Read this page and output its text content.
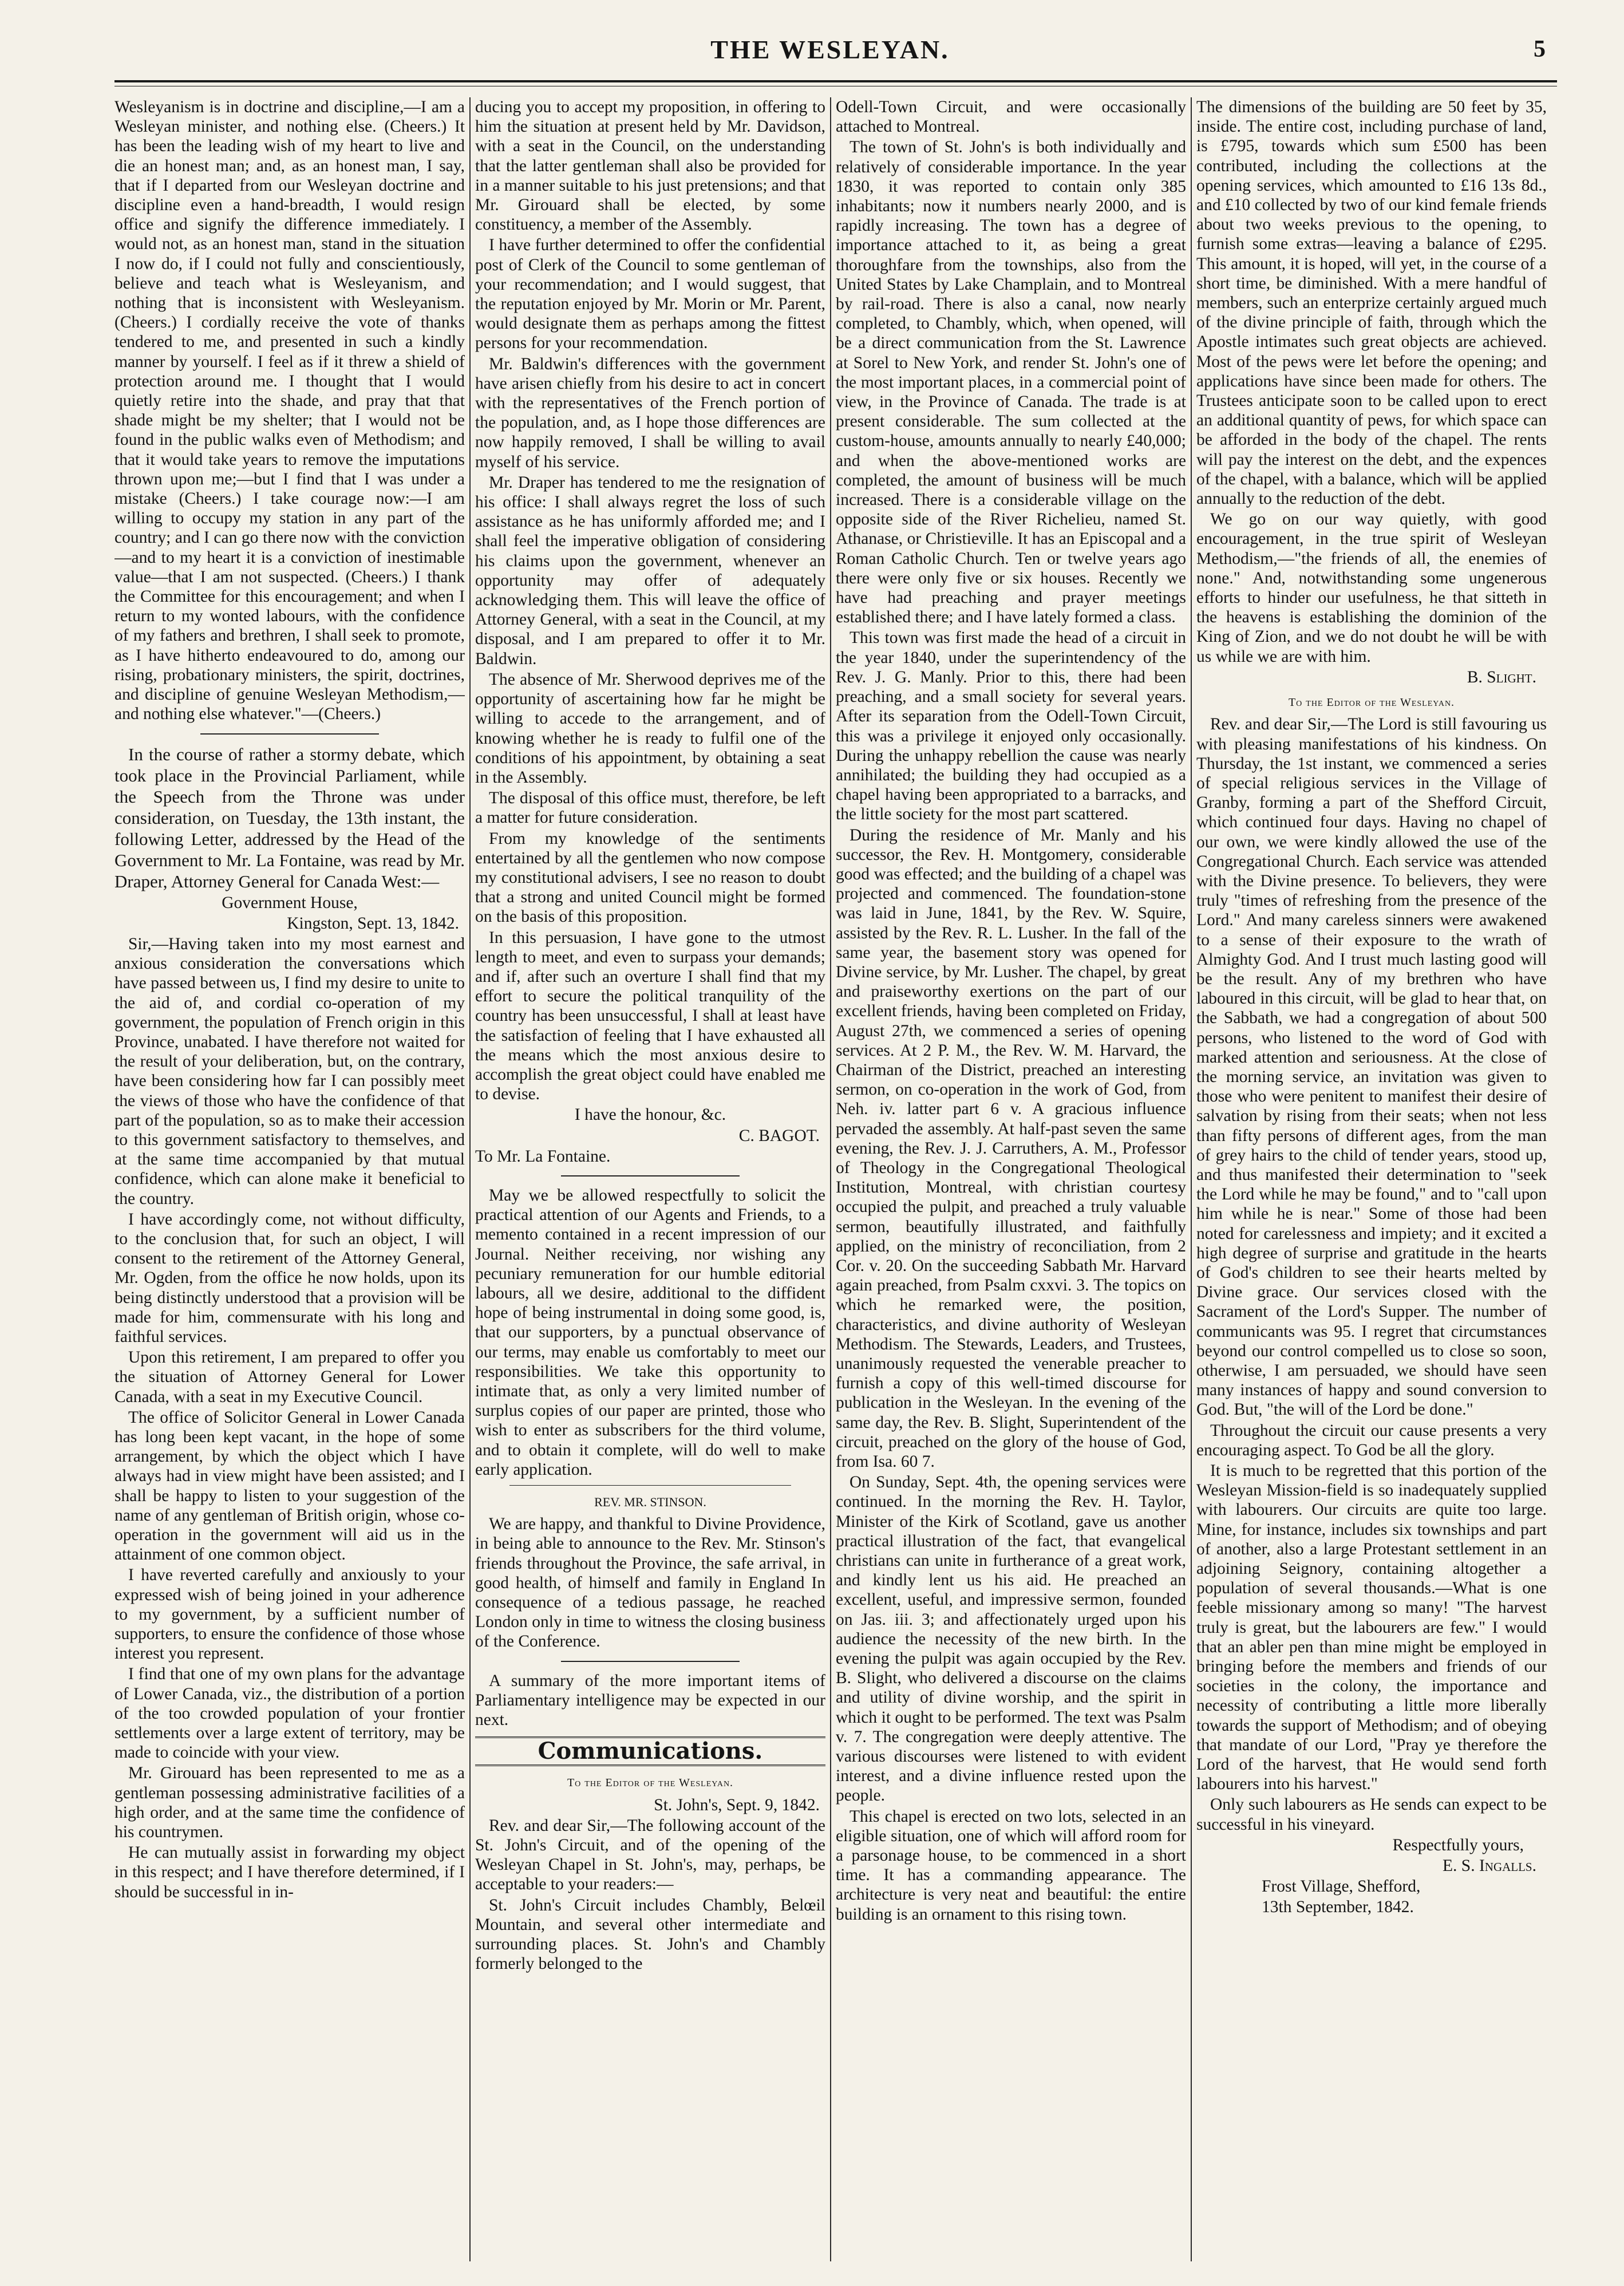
THE WESLEYAN.	5

Wesleyanism is in doctrine and discipline,—I am a Wesleyan minister, and nothing else. (Cheers.) It has been the leading wish of my heart to live and die an honest man; and, as an honest man, I say, that if I departed from our Wesleyan doctrine and discipline even a hand-breadth, I would resign office and signify the difference immediately. I would not, as an honest man, stand in the situation I now do, if I could not fully and conscientiously, believe and teach what is Wesleyanism, and nothing that is inconsistent with Wesleyanism. (Cheers.) I cordially receive the vote of thanks tendered to me, and presented in such a kindly manner by yourself. I feel as if it threw a shield of protection around me. I thought that I would quietly retire into the shade, and pray that that shade might be my shelter; that I would not be found in the public walks even of Methodism; and that it would take years to remove the imputations thrown upon me;—but I find that I was under a mistake (Cheers.) I take courage now:—I am willing to occupy my station in any part of the country; and I can go there now with the conviction—and to my heart it is a conviction of inestimable value—that I am not suspected. (Cheers.) I thank the Committee for this encouragement; and when I return to my wonted labours, with the confidence of my fathers and brethren, I shall seek to promote, as I have hitherto endeavoured to do, among our rising, probationary ministers, the spirit, doctrines, and discipline of genuine Wesleyan Methodism,—and nothing else whatever."—(Cheers.)

In the course of rather a stormy debate, which took place in the Provincial Parliament, while the Speech from the Throne was under consideration, on Tuesday, the 13th instant, the following Letter, addressed by the Head of the Government to Mr. La Fontaine, was read by Mr. Draper, Attorney General for Canada West:—

Government House,

Kingston, Sept. 13, 1842.

Sir,—Having taken into my most earnest and anxious consideration the conversations which have passed between us, I find my desire to unite to the aid of, and cordial co-operation of my government, the population of French origin in this Province, unabated. I have therefore not waited for the result of your deliberation, but, on the contrary, have been considering how far I can possibly meet the views of those who have the confidence of that part of the population, so as to make their accession to this government satisfactory to themselves, and at the same time accompanied by that mutual confidence, which can alone make it beneficial to the country.

I have accordingly come, not without difficulty, to the conclusion that, for such an object, I will consent to the retirement of the Attorney General, Mr. Ogden, from the office he now holds, upon its being distinctly understood that a provision will be made for him, commensurate with his long and faithful services.

Upon this retirement, I am prepared to offer you the situation of Attorney General for Lower Canada, with a seat in my Executive Council.

The office of Solicitor General in Lower Canada has long been kept vacant, in the hope of some arrangement, by which the object which I have always had in view might have been assisted; and I shall be happy to listen to your suggestion of the name of any gentleman of British origin, whose co-operation in the government will aid us in the attainment of one common object.

I have reverted carefully and anxiously to your expressed wish of being joined in your adherence to my government, by a sufficient number of supporters, to ensure the confidence of those whose interest you represent.

I find that one of my own plans for the advantage of Lower Canada, viz., the distribution of a portion of the too crowded population of your frontier settlements over a large extent of territory, may be made to coincide with your view.

Mr. Girouard has been represented to me as a gentleman possessing administrative facilities of a high order, and at the same time the confidence of his countrymen.

He can mutually assist in forwarding my object in this respect; and I have therefore determined, if I should be successful in in-

ducing you to accept my proposition, in offering to him the situation at present held by Mr. Davidson, with a seat in the Council, on the understanding that the latter gentleman shall also be provided for in a manner suitable to his just pretensions; and that Mr. Girouard shall be elected, by some constituency, a member of the Assembly.

I have further determined to offer the confidential post of Clerk of the Council to some gentleman of your recommendation; and I would suggest, that the reputation enjoyed by Mr. Morin or Mr. Parent, would designate them as perhaps among the fittest persons for your recommendation.

Mr. Baldwin's differences with the government have arisen chiefly from his desire to act in concert with the representatives of the French portion of the population, and, as I hope those differences are now happily removed, I shall be willing to avail myself of his service.

Mr. Draper has tendered to me the resignation of his office: I shall always regret the loss of such assistance as he has uniformly afforded me; and I shall feel the imperative obligation of considering his claims upon the government, whenever an opportunity may offer of adequately acknowledging them. This will leave the office of Attorney General, with a seat in the Council, at my disposal, and I am prepared to offer it to Mr. Baldwin.

The absence of Mr. Sherwood deprives me of the opportunity of ascertaining how far he might be willing to accede to the arrangement, and of knowing whether he is ready to fulfil one of the conditions of his appointment, by obtaining a seat in the Assembly.

The disposal of this office must, therefore, be left a matter for future consideration.

From my knowledge of the sentiments entertained by all the gentlemen who now compose my constitutional advisers, I see no reason to doubt that a strong and united Council might be formed on the basis of this proposition.

In this persuasion, I have gone to the utmost length to meet, and even to surpass your demands; and if, after such an overture I shall find that my effort to secure the political tranquility of the country has been unsuccessful, I shall at least have the satisfaction of feeling that I have exhausted all the means which the most anxious desire to accomplish the great object could have enabled me to devise.

I have the honour, &c.

C. BAGOT.

To Mr. La Fontaine.

May we be allowed respectfully to solicit the practical attention of our Agents and Friends, to a memento contained in a recent impression of our Journal. Neither receiving, nor wishing any pecuniary remuneration for our humble editorial labours, all we desire, additional to the diffident hope of being instrumental in doing some good, is, that our supporters, by a punctual observance of our terms, may enable us comfortably to meet our responsibilities. We take this opportunity to intimate that, as only a very limited number of surplus copies of our paper are printed, those who wish to enter as subscribers for the third volume, and to obtain it complete, will do well to make early application.

REV. MR. STINSON.

We are happy, and thankful to Divine Providence, in being able to announce to the Rev. Mr. Stinson's friends throughout the Province, the safe arrival, in good health, of himself and family in England In consequence of a tedious passage, he reached London only in time to witness the closing business of the Conference.

A summary of the more important items of Parliamentary intelligence may be expected in our next.

Communications.
To the Editor of the Wesleyan.

St. John's, Sept. 9, 1842.

Rev. and dear Sir,—The following account of the St. John's Circuit, and of the opening of the Wesleyan Chapel in St. John's, may, perhaps, be acceptable to your readers:—

St. John's Circuit includes Chambly, Belœil Mountain, and several other intermediate and surrounding places. St. John's and Chambly formerly belonged to the

Odell-Town Circuit, and were occasionally attached to Montreal.

The town of St. John's is both individually and relatively of considerable importance. In the year 1830, it was reported to contain only 385 inhabitants; now it numbers nearly 2000, and is rapidly increasing. The town has a degree of importance attached to it, as being a great thoroughfare from the townships, also from the United States by Lake Champlain, and to Montreal by rail-road. There is also a canal, now nearly completed, to Chambly, which, when opened, will be a direct communication from the St. Lawrence at Sorel to New York, and render St. John's one of the most important places, in a commercial point of view, in the Province of Canada. The trade is at present considerable. The sum collected at the custom-house, amounts annually to nearly £40,000; and when the above-mentioned works are completed, the amount of business will be much increased. There is a considerable village on the opposite side of the River Richelieu, named St. Athanase, or Christieville. It has an Episcopal and a Roman Catholic Church. Ten or twelve years ago there were only five or six houses. Recently we have had preaching and prayer meetings established there; and I have lately formed a class.

This town was first made the head of a circuit in the year 1840, under the superintendency of the Rev. J. G. Manly. Prior to this, there had been preaching, and a small society for several years. After its separation from the Odell-Town Circuit, this was a privilege it enjoyed only occasionally. During the unhappy rebellion the cause was nearly annihilated; the building they had occupied as a chapel having been appropriated to a barracks, and the little society for the most part scattered.

During the residence of Mr. Manly and his successor, the Rev. H. Montgomery, considerable good was effected; and the building of a chapel was projected and commenced. The foundation-stone was laid in June, 1841, by the Rev. W. Squire, assisted by the Rev. R. L. Lusher. In the fall of the same year, the basement story was opened for Divine service, by Mr. Lusher. The chapel, by great and praiseworthy exertions on the part of our excellent friends, having been completed on Friday, August 27th, we commenced a series of opening services. At 2 P. M., the Rev. W. M. Harvard, the Chairman of the District, preached an interesting sermon, on co-operation in the work of God, from Neh. iv. latter part 6 v. A gracious influence pervaded the assembly. At half-past seven the same evening, the Rev. J. J. Carruthers, A. M., Professor of Theology in the Congregational Theological Institution, Montreal, with christian courtesy occupied the pulpit, and preached a truly valuable sermon, beautifully illustrated, and faithfully applied, on the ministry of reconciliation, from 2 Cor. v. 20. On the succeeding Sabbath Mr. Harvard again preached, from Psalm cxxvi. 3. The topics on which he remarked were, the position, characteristics, and divine authority of Wesleyan Methodism. The Stewards, Leaders, and Trustees, unanimously requested the venerable preacher to furnish a copy of this well-timed discourse for publication in the Wesleyan. In the evening of the same day, the Rev. B. Slight, Superintendent of the circuit, preached on the glory of the house of God, from Isa. 60 7.

On Sunday, Sept. 4th, the opening services were continued. In the morning the Rev. H. Taylor, Minister of the Kirk of Scotland, gave us another practical illustration of the fact, that evangelical christians can unite in furtherance of a great work, and kindly lent us his aid. He preached an excellent, useful, and impressive sermon, founded on Jas. iii. 3; and affectionately urged upon his audience the necessity of the new birth. In the evening the pulpit was again occupied by the Rev. B. Slight, who delivered a discourse on the claims and utility of divine worship, and the spirit in which it ought to be performed. The text was Psalm v. 7. The congregation were deeply attentive. The various discourses were listened to with evident interest, and a divine influence rested upon the people.

This chapel is erected on two lots, selected in an eligible situation, one of which will afford room for a parsonage house, to be commenced in a short time. It has a commanding appearance. The architecture is very neat and beautiful: the entire building is an ornament to this rising town.

The dimensions of the building are 50 feet by 35, inside. The entire cost, including purchase of land, is £795, towards which sum £500 has been contributed, including the collections at the opening services, which amounted to £16 13s 8d., and £10 collected by two of our kind female friends about two weeks previous to the opening, to furnish some extras—leaving a balance of £295. This amount, it is hoped, will yet, in the course of a short time, be diminished. With a mere handful of members, such an enterprize certainly argued much of the divine principle of faith, through which the Apostle intimates such great objects are achieved. Most of the pews were let before the opening; and applications have since been made for others. The Trustees anticipate soon to be called upon to erect an additional quantity of pews, for which space can be afforded in the body of the chapel. The rents will pay the interest on the debt, and the expences of the chapel, with a balance, which will be applied annually to the reduction of the debt.

We go on our way quietly, with good encouragement, in the true spirit of Wesleyan Methodism,—"the friends of all, the enemies of none." And, notwithstanding some ungenerous efforts to hinder our usefulness, he that sitteth in the heavens is establishing the dominion of the King of Zion, and we do not doubt he will be with us while we are with him.

B. Slight.

To the Editor of the Wesleyan.

Rev. and dear Sir,—The Lord is still favouring us with pleasing manifestations of his kindness. On Thursday, the 1st instant, we commenced a series of special religious services in the Village of Granby, forming a part of the Shefford Circuit, which continued four days. Having no chapel of our own, we were kindly allowed the use of the Congregational Church. Each service was attended with the Divine presence. To believers, they were truly "times of refreshing from the presence of the Lord." And many careless sinners were awakened to a sense of their exposure to the wrath of Almighty God. And I trust much lasting good will be the result. Any of my brethren who have laboured in this circuit, will be glad to hear that, on the Sabbath, we had a congregation of about 500 persons, who listened to the word of God with marked attention and seriousness. At the close of the morning service, an invitation was given to those who were penitent to manifest their desire of salvation by rising from their seats; when not less than fifty persons of different ages, from the man of grey hairs to the child of tender years, stood up, and thus manifested their determination to "seek the Lord while he may be found," and to "call upon him while he is near." Some of those had been noted for carelessness and impiety; and it excited a high degree of surprise and gratitude in the hearts of God's children to see their hearts melted by Divine grace. Our services closed with the Sacrament of the Lord's Supper. The number of communicants was 95. I regret that circumstances beyond our control compelled us to close so soon, otherwise, I am persuaded, we should have seen many instances of happy and sound conversion to God. But, "the will of the Lord be done."

Throughout the circuit our cause presents a very encouraging aspect. To God be all the glory.

It is much to be regretted that this portion of the Wesleyan Mission-field is so inadequately supplied with labourers. Our circuits are quite too large. Mine, for instance, includes six townships and part of another, also a large Protestant settlement in an adjoining Seignory, containing altogether a population of several thousands.—What is one feeble missionary among so many! "The harvest truly is great, but the labourers are few." I would that an abler pen than mine might be employed in bringing before the members and friends of our societies in the colony, the importance and necessity of contributing a little more liberally towards the support of Methodism; and of obeying that mandate of our Lord, "Pray ye therefore the Lord of the harvest, that He would send forth labourers into his harvest."

Only such labourers as He sends can expect to be successful in his vineyard.

Respectfully yours,

E. S. Ingalls.

Frost Village, Shefford,

13th September, 1842.
